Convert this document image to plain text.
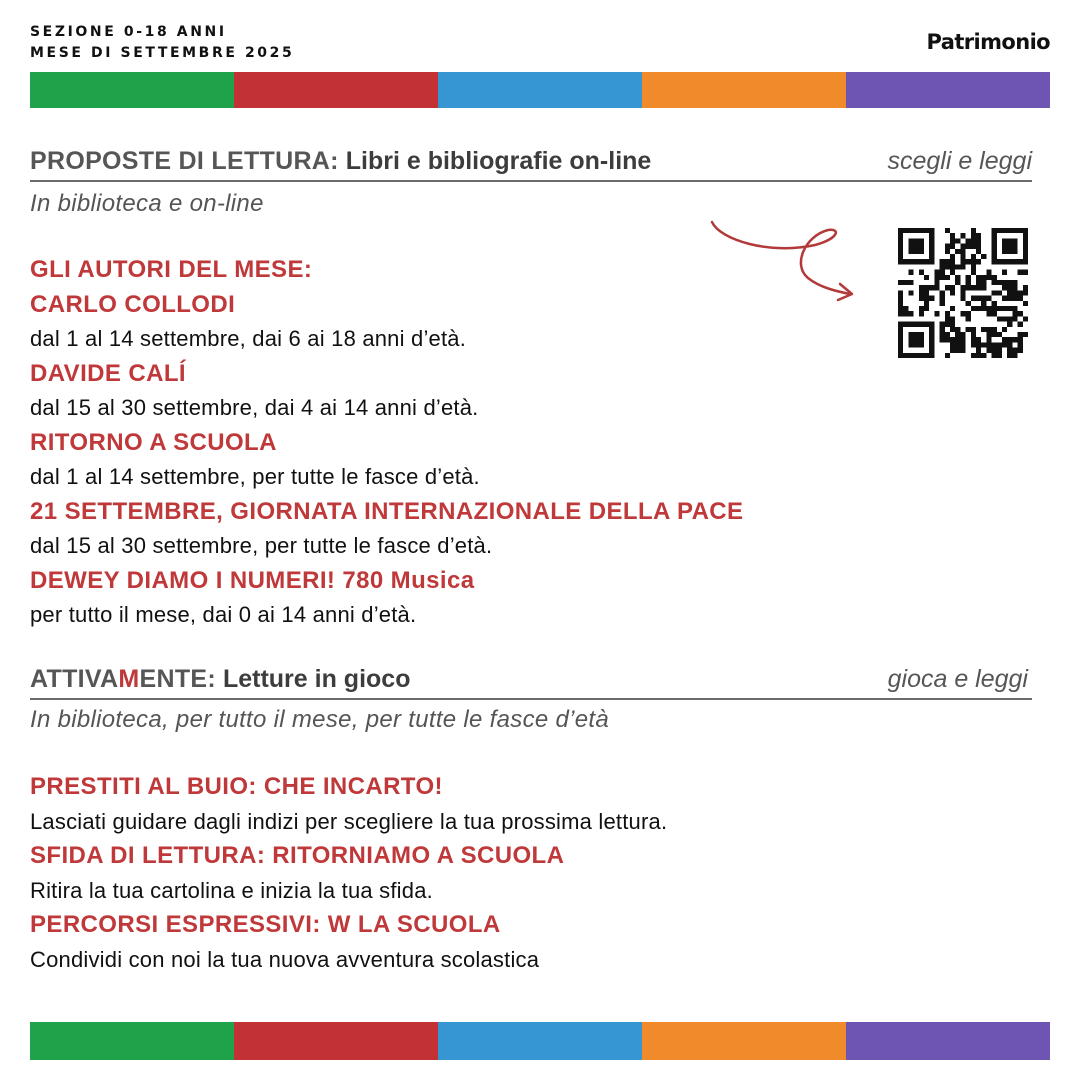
SEZIONE 0-18 ANNI
MESE DI SETTEMBRE 2025	Patrimonio
PROPOSTE DI LETTURA: Libri e bibliografie on-line	scegli e leggi
In biblioteca e on-line
GLI AUTORI DEL MESE:
CARLO COLLODI
dal 1 al 14 settembre, dai 6 ai 18 anni d’età.
DAVIDE CALÍ
dal 15 al 30 settembre, dai 4 ai 14 anni d’età.
RITORNO A SCUOLA
dal 1 al 14 settembre, per tutte le fasce d’età.
21 SETTEMBRE, GIORNATA INTERNAZIONALE DELLA PACE
dal 15 al 30 settembre, per tutte le fasce d’età.
DEWEY DIAMO I NUMERI! 780 Musica
per tutto il mese, dai 0 ai 14 anni d’età.
ATTIVAMENTE: Letture in gioco	gioca e leggi
In biblioteca, per tutto il mese, per tutte le fasce d’età
PRESTITI AL BUIO: CHE INCARTO!
Lasciati guidare dagli indizi per scegliere la tua prossima lettura.
SFIDA DI LETTURA: RITORNIAMO A SCUOLA
Ritira la tua cartolina e inizia la tua sfida.
PERCORSI ESPRESSIVI: W LA SCUOLA
Condividi con noi la tua nuova avventura scolastica
